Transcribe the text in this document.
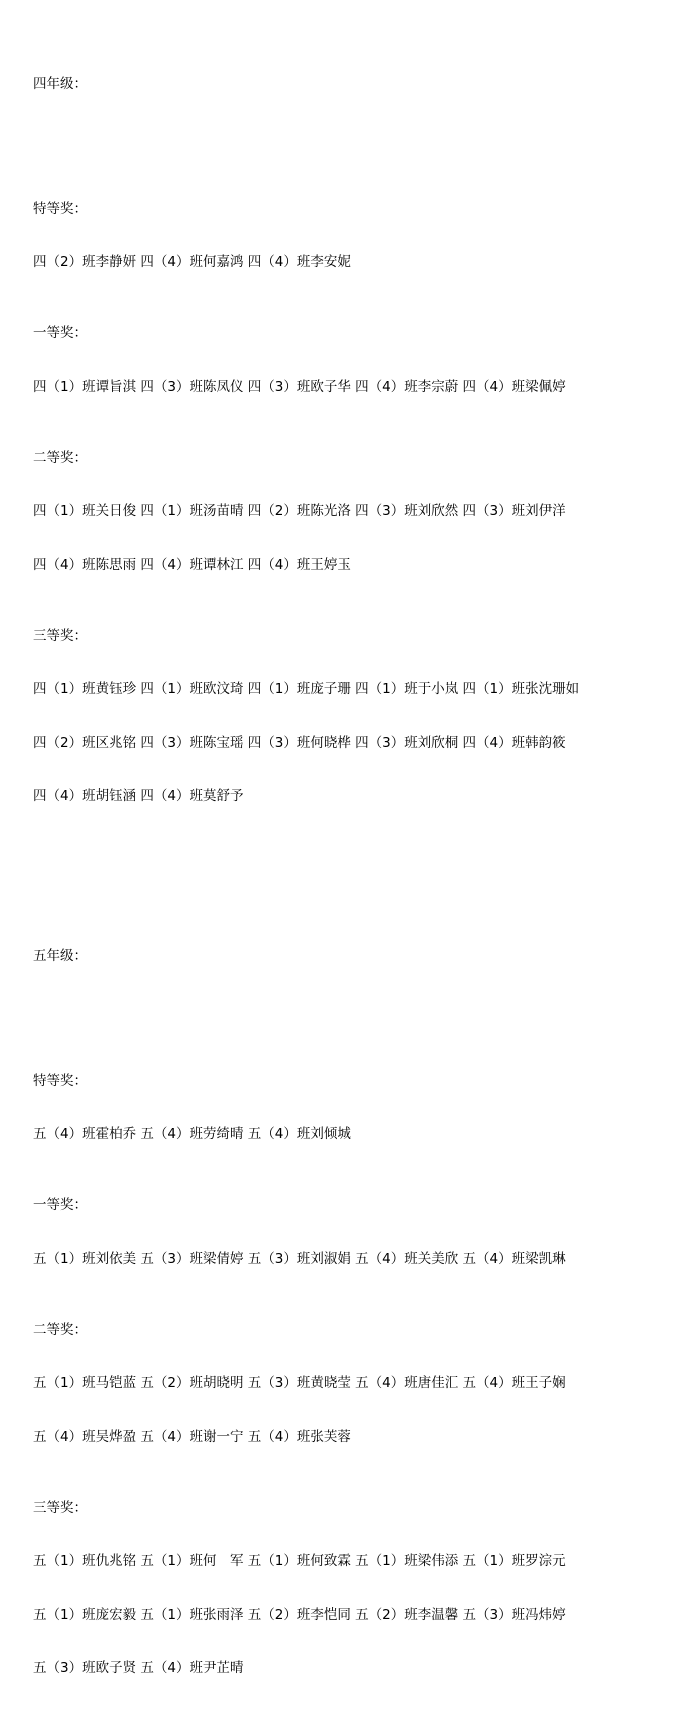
四年级：

特等奖：

四（2）班李静妍 四（4）班何嘉鸿 四（4）班李安妮

一等奖：

四（1）班谭旨淇 四（3）班陈凤仪 四（3）班欧子华 四（4）班李宗蔚 四（4）班梁佩婷

二等奖：

四（1）班关日俊 四（1）班汤苗晴 四（2）班陈光洛 四（3）班刘欣然 四（3）班刘伊洋

四（4）班陈思雨 四（4）班谭林江 四（4）班王婷玉

三等奖：

四（1）班黄钰珍 四（1）班欧汶琦 四（1）班庞子珊 四（1）班于小岚 四（1）班张沈珊如

四（2）班区兆铭 四（3）班陈宝瑶 四（3）班何晓桦 四（3）班刘欣桐 四（4）班韩韵筱

四（4）班胡钰涵 四（4）班莫舒予

五年级：

特等奖：

五（4）班霍柏乔 五（4）班劳绮晴 五（4）班刘倾城

一等奖：

五（1）班刘依美 五（3）班梁倩婷 五（3）班刘淑娟 五（4）班关美欣 五（4）班梁凯琳

二等奖：

五（1）班马铠蓝 五（2）班胡晓明 五（3）班黄晓莹 五（4）班唐佳汇 五（4）班王子娴

五（4）班吴烨盈 五（4）班谢一宁 五（4）班张芙蓉

三等奖：

五（1）班仇兆铭 五（1）班何　军 五（1）班何致霖 五（1）班梁伟添 五（1）班罗淙元

五（1）班庞宏毅 五（1）班张雨泽 五（2）班李恺同 五（2）班李温馨 五（3）班冯炜婷

五（3）班欧子贤 五（4）班尹芷晴
